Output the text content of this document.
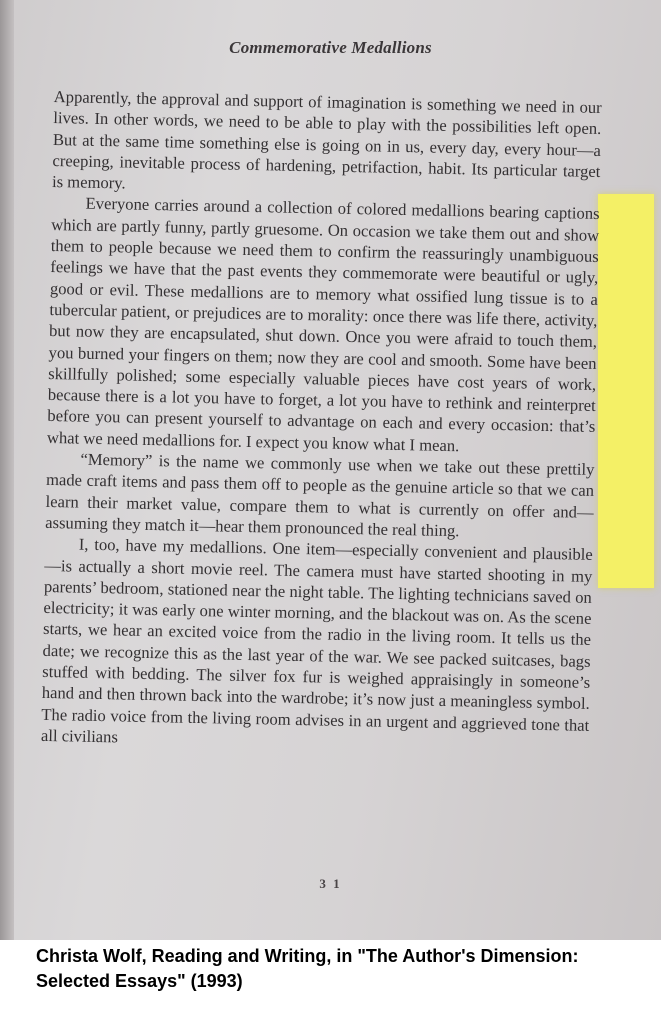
Commemorative Medallions

Apparently, the approval and support of imagination is something we need in our lives. In other words, we need to be able to play with the possibilities left open. But at the same time something else is going on in us, every day, every hour—a creeping, inevitable process of hardening, petrifaction, habit. Its particular target is memory.

Everyone carries around a collection of colored medallions bearing captions which are partly funny, partly gruesome. On occasion we take them out and show them to people because we need them to confirm the reassuringly unambiguous feelings we have that the past events they commemorate were beautiful or ugly, good or evil. These medallions are to memory what ossified lung tissue is to a tubercular patient, or prejudices are to morality: once there was life there, activity, but now they are encapsulated, shut down. Once you were afraid to touch them, you burned your fingers on them; now they are cool and smooth. Some have been skillfully polished; some especially valuable pieces have cost years of work, because there is a lot you have to forget, a lot you have to rethink and reinterpret before you can present yourself to advantage on each and every occasion: that’s what we need medallions for. I expect you know what I mean.

“Memory” is the name we commonly use when we take out these prettily made craft items and pass them off to people as the genuine article so that we can learn their market value, compare them to what is currently on offer and—assuming they match it—hear them pronounced the real thing.

I, too, have my medallions. One item—especially convenient and plausible—is actually a short movie reel. The camera must have started shooting in my parents’ bedroom, stationed near the night table. The lighting technicians saved on electricity; it was early one winter morning, and the blackout was on. As the scene starts, we hear an excited voice from the radio in the living room. It tells us the date; we recognize this as the last year of the war. We see packed suitcases, bags stuffed with bedding. The silver fox fur is weighed appraisingly in someone’s hand and then thrown back into the wardrobe; it’s now just a meaningless symbol. The radio voice from the living room advises in an urgent and aggrieved tone that all civilians

3 1
Christa Wolf, Reading and Writing, in "The Author's Dimension:
Selected Essays" (1993)
